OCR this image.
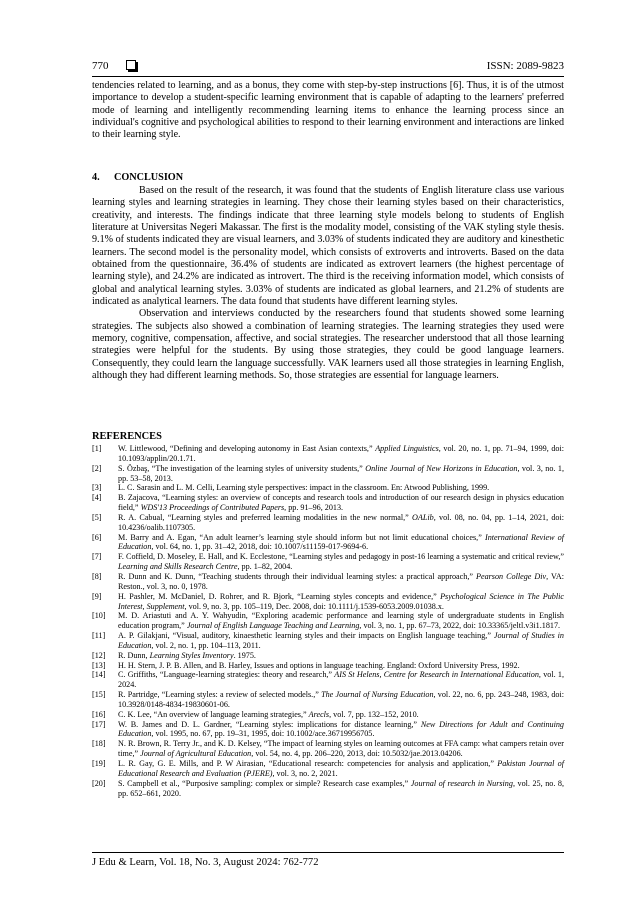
770	ISSN: 2089-9823

tendencies related to learning, and as a bonus, they come with step-by-step instructions [6]. Thus, it is of the utmost importance to develop a student-specific learning environment that is capable of adapting to the learners' preferred mode of learning and intelligently recommending learning items to enhance the learning process since an individual's cognitive and psychological abilities to respond to their learning environment and interactions are linked to their learning style.

4. CONCLUSION

Based on the result of the research, it was found that the students of English literature class use various learning styles and learning strategies in learning. They chose their learning styles based on their characteristics, creativity, and interests. The findings indicate that three learning style models belong to students of English literature at Universitas Negeri Makassar. The first is the modality model, consisting of the VAK styling style thesis. 9.1% of students indicated they are visual learners, and 3.03% of students indicated they are auditory and kinesthetic learners. The second model is the personality model, which consists of extroverts and introverts. Based on the data obtained from the questionnaire, 36.4% of students are indicated as extrovert learners (the highest percentage of learning style), and 24.2% are indicated as introvert. The third is the receiving information model, which consists of global and analytical learning styles. 3.03% of students are indicated as global learners, and 21.2% of students are indicated as analytical learners. The data found that students have different learning styles.

Observation and interviews conducted by the researchers found that students showed some learning strategies. The subjects also showed a combination of learning strategies. The learning strategies they used were memory, cognitive, compensation, affective, and social strategies. The researcher understood that all those learning strategies were helpful for the students. By using those strategies, they could be good language learners. Consequently, they could learn the language successfully. VAK learners used all those strategies in learning English, although they had different learning methods. So, those strategies are essential for language learners.

REFERENCES
[1]	W. Littlewood, “Defining and developing autonomy in East Asian contexts,” Applied Linguistics, vol. 20, no. 1, pp. 71–94, 1999, doi: 10.1093/applin/20.1.71.
[2]	S. Özbaş, “The investigation of the learning styles of university students,” Online Journal of New Horizons in Education, vol. 3, no. 1, pp. 53–58, 2013.
[3]	L. C. Sarasin and L. M. Celli, Learning style perspectives: impact in the classroom. En: Atwood Publishing, 1999.
[4]	B. Zajacova, “Learning styles: an overview of concepts and research tools and introduction of our research design in physics education field,” WDS'13 Proceedings of Contributed Papers, pp. 91–96, 2013.
[5]	R. A. Cabual, “Learning styles and preferred learning modalities in the new normal,” OALib, vol. 08, no. 04, pp. 1–14, 2021, doi: 10.4236/oalib.1107305.
[6]	M. Barry and A. Egan, “An adult learner’s learning style should inform but not limit educational choices,” International Review of Education, vol. 64, no. 1, pp. 31–42, 2018, doi: 10.1007/s11159-017-9694-6.
[7]	F. Coffield, D. Moseley, E. Hall, and K. Ecclestone, “Learning styles and pedagogy in post-16 learning a systematic and critical review,” Learning and Skills Research Centre, pp. 1–82, 2004.
[8]	R. Dunn and K. Dunn, “Teaching students through their individual learning styles: a practical approach,” Pearson College Div, VA: Reston., vol. 3, no. 0, 1978.
[9]	H. Pashler, M. McDaniel, D. Rohrer, and R. Bjork, “Learning styles concepts and evidence,” Psychological Science in The Public Interest, Supplement, vol. 9, no. 3, pp. 105–119, Dec. 2008, doi: 10.1111/j.1539-6053.2009.01038.x.
[10]	M. D. Ariastuti and A. Y. Wahyudin, “Exploring academic performance and learning style of undergraduate students in English education program,” Journal of English Language Teaching and Learning, vol. 3, no. 1, pp. 67–73, 2022, doi: 10.33365/jeltl.v3i1.1817.
[11]	A. P. Gilakjani, “Visual, auditory, kinaesthetic learning styles and their impacts on English language teaching,” Journal of Studies in Education, vol. 2, no. 1, pp. 104–113, 2011.
[12]	R. Dunn, Learning Styles Inventory. 1975.
[13]	H. H. Stern, J. P. B. Allen, and B. Harley, Issues and options in language teaching. England: Oxford University Press, 1992.
[14]	C. Griffiths, “Language-learning strategies: theory and research,” AIS St Helens, Centre for Research in International Education, vol. 1, 2024.
[15]	R. Partridge, “Learning styles: a review of selected models.,” The Journal of Nursing Education, vol. 22, no. 6, pp. 243–248, 1983, doi: 10.3928/0148-4834-19830601-06.
[16]	C. K. Lee, “An overview of language learning strategies,” Arecls, vol. 7, pp. 132–152, 2010.
[17]	W. B. James and D. L. Gardner, “Learning styles: implications for distance learning,” New Directions for Adult and Continuing Education, vol. 1995, no. 67, pp. 19–31, 1995, doi: 10.1002/ace.36719956705.
[18]	N. R. Brown, R. Terry Jr., and K. D. Kelsey, “The impact of learning styles on learning outcomes at FFA camp: what campers retain over time,” Journal of Agricultural Education, vol. 54, no. 4, pp. 206–220, 2013, doi: 10.5032/jae.2013.04206.
[19]	L. R. Gay, G. E. Mills, and P. W Airasian, “Educational research: competencies for analysis and application,” Pakistan Journal of Educational Research and Evaluation (PJERE), vol. 3, no. 2, 2021.
[20]	S. Campbell et al., “Purposive sampling: complex or simple? Research case examples,” Journal of research in Nursing, vol. 25, no. 8, pp. 652–661, 2020.
J Edu & Learn, Vol. 18, No. 3, August 2024: 762-772
